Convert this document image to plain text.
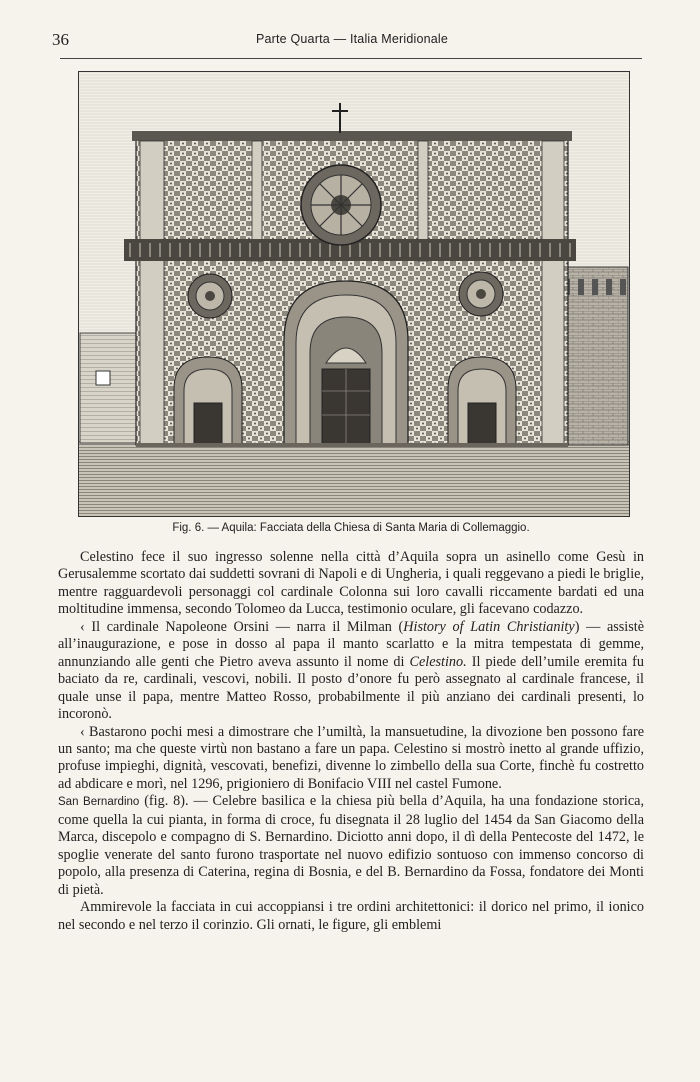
36	Parte Quarta — Italia Meridionale
Fig. 6. — Aquila: Facciata della Chiesa di Santa Maria di Collemaggio.

Celestino fece il suo ingresso solenne nella città d’Aquila sopra un asinello come Gesù in Gerusalemme scortato dai suddetti sovrani di Napoli e di Ungheria, i quali reggevano a piedi le briglie, mentre ragguardevoli personaggi col cardinale Colonna sui loro cavalli riccamente bardati ed una moltitudine immensa, secondo Tolomeo da Lucca, testimonio oculare, gli facevano codazzo.

‹ Il cardinale Napoleone Orsini — narra il Milman (History of Latin Christianity) — assistè all’inaugurazione, e pose in dosso al papa il manto scarlatto e la mitra tempestata di gemme, annunziando alle genti che Pietro aveva assunto il nome di Celestino. Il piede dell’umile eremita fu baciato da re, cardinali, vescovi, nobili. Il posto d’onore fu però assegnato al cardinale francese, il quale unse il papa, mentre Matteo Rosso, probabilmente il più anziano dei cardinali presenti, lo incoronò.

‹ Bastarono pochi mesi a dimostrare che l’umiltà, la mansuetudine, la divozione ben possono fare un santo; ma che queste virtù non bastano a fare un papa. Celestino si mostrò inetto al grande uffizio, profuse impieghi, dignità, vescovati, benefizi, divenne lo zimbello della sua Corte, finchè fu costretto ad abdicare e morì, nel 1296, prigioniero di Bonifacio VIII nel castel Fumone.

San Bernardino (fig. 8). — Celebre basilica e la chiesa più bella d’Aquila, ha una fondazione storica, come quella la cui pianta, in forma di croce, fu disegnata il 28 luglio del 1454 da San Giacomo della Marca, discepolo e compagno di S. Bernardino. Diciotto anni dopo, il dì della Pentecoste del 1472, le spoglie venerate del santo furono trasportate nel nuovo edifizio sontuoso con immenso concorso di popolo, alla presenza di Caterina, regina di Bosnia, e del B. Bernardino da Fossa, fondatore dei Monti di pietà.

Ammirevole la facciata in cui accoppiansi i tre ordini architettonici: il dorico nel primo, il ionico nel secondo e nel terzo il corinzio. Gli ornati, le figure, gli emblemi
